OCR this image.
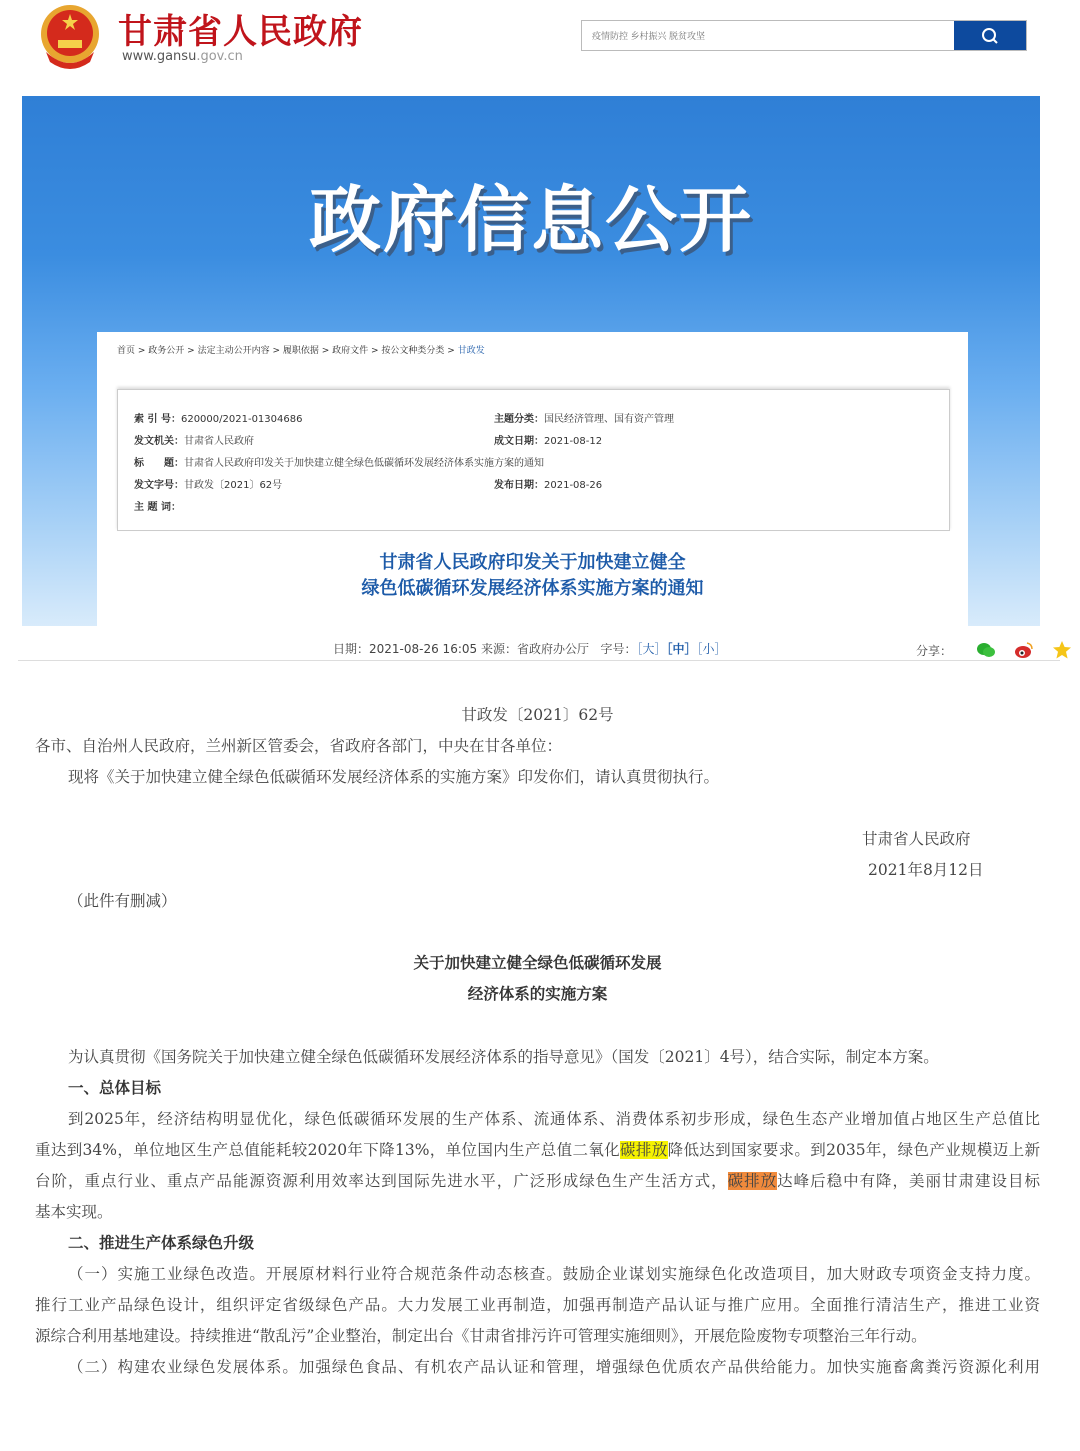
甘肃省人民政府
www.gansu.gov.cn
疫情防控 乡村振兴 脱贫攻坚
政府信息公开
首页 > 政务公开 > 法定主动公开内容 > 履职依据 > 政府文件 > 按公文种类分类 > 甘政发
索 引 号：620000/2021-01304686	主题分类：国民经济管理、国有资产管理
发文机关：甘肃省人民政府	成文日期：2021-08-12
标　　题：甘肃省人民政府印发关于加快建立健全绿色低碳循环发展经济体系实施方案的通知
发文字号：甘政发〔2021〕62号	发布日期：2021-08-26
主 题 词：
甘肃省人民政府印发关于加快建立健全
绿色低碳循环发展经济体系实施方案的通知
日期：2021-08-26 16:05 来源：省政府办公厅 字号：［大］［中］［小］	分享：
甘政发〔2021〕62号
各市、自治州人民政府，兰州新区管委会，省政府各部门，中央在甘各单位：
现将《关于加快建立健全绿色低碳循环发展经济体系的实施方案》印发你们，请认真贯彻执行。
甘肃省人民政府
2021年8月12日
（此件有删减）
关于加快建立健全绿色低碳循环发展
经济体系的实施方案
为认真贯彻《国务院关于加快建立健全绿色低碳循环发展经济体系的指导意见》（国发〔2021〕4号），结合实际，制定本方案。
一、总体目标
到2025年，经济结构明显优化，绿色低碳循环发展的生产体系、流通体系、消费体系初步形成，绿色生态产业增加值占地区生产总值比
重达到34%，单位地区生产总值能耗较2020年下降13%，单位国内生产总值二氧化碳排放降低达到国家要求。到2035年，绿色产业规模迈上新
台阶，重点行业、重点产品能源资源利用效率达到国际先进水平，广泛形成绿色生产生活方式，碳排放达峰后稳中有降，美丽甘肃建设目标
基本实现。
二、推进生产体系绿色升级
（一）实施工业绿色改造。开展原材料行业符合规范条件动态核查。鼓励企业谋划实施绿色化改造项目，加大财政专项资金支持力度。
推行工业产品绿色设计，组织评定省级绿色产品。大力发展工业再制造，加强再制造产品认证与推广应用。全面推行清洁生产，推进工业资
源综合利用基地建设。持续推进“散乱污”企业整治，制定出台《甘肃省排污许可管理实施细则》，开展危险废物专项整治三年行动。
（二）构建农业绿色发展体系。加强绿色食品、有机农产品认证和管理，增强绿色优质农产品供给能力。加快实施畜禽粪污资源化利用
